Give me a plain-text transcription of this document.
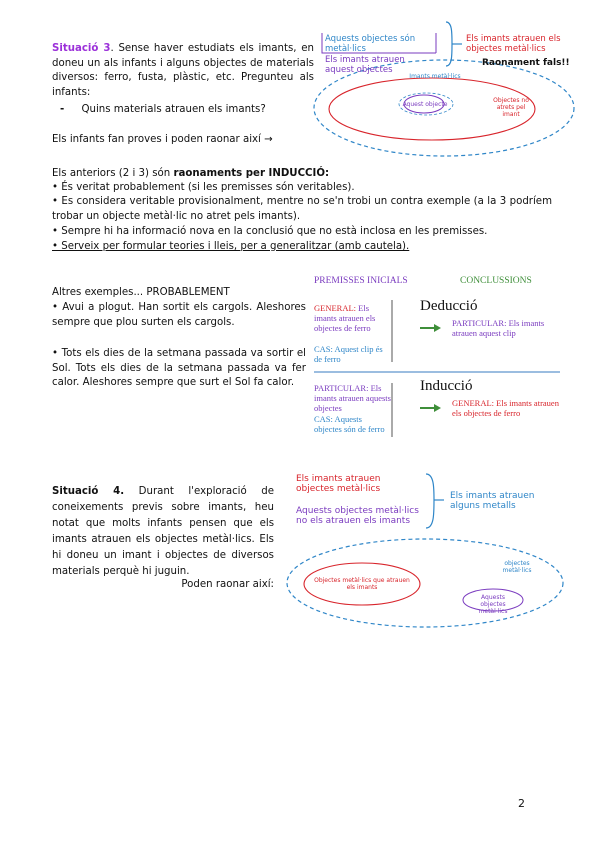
Situació 3. Sense haver estudiats els imants, en doneu un als infants i alguns objectes de materials diversos: ferro, fusta, plàstic, etc. Pregunteu als infants:
- Quins materials atrauen els imants?
Els infants fan proves i poden raonar així →
Aquests objectes són metàl·lics
Els imants atrauen aquest objectes
Els imants atrauen els objectes metàl·lics
Raonament fals!!
Imants metàl·lics
Aquest objecte
Objectes no atrets pel imant
Els anteriors (2 i 3) són raonaments per INDUCCIÓ:
• És veritat probablement (si les premisses són veritables).
• Es considera veritable provisionalment, mentre no se'n trobi un contra exemple (a la 3 podríem trobar un objecte metàl·lic no atret pels imants).
• Sempre hi ha informació nova en la conclusió que no està inclosa en les premisses.
• Serveix per formular teories i lleis, per a generalitzar (amb cautela).
Altres exemples... PROBABLEMENT
• Avui a plogut. Han sortit els cargols. Aleshores sempre que plou surten els cargols.
• Tots els dies de la setmana passada va sortir el Sol. Tots els dies de la setmana passada va fer calor. Aleshores sempre que surt el Sol fa calor.
PREMISSES INICIALS	CONCLUSSIONS
Deducció
GENERAL: Els imants atrauen els objectes de ferro
CAS: Aquest clip és de ferro
PARTICULAR: Els imants atrauen aquest clip
Inducció
PARTICULAR: Els imants atrauen aquests objectes
CAS: Aquests objectes són de ferro
GENERAL: Els imants atrauen els objectes de ferro
Situació 4. Durant l'exploració de coneixements previs sobre imants, heu notat que molts infants pensen que els imants atrauen els objectes metàl·lics. Els hi doneu un imant i objectes de diversos materials perquè hi juguin.
Poden raonar així:
Els imants atrauen objectes metàl·lics
Aquests objectes metàl·lics no els atrauen els imants
Els imants atrauen alguns metalls
Objectes metàl·lics que atrauen els imants
objectes metàl·lics
Aquests objectes metàl·lics
2
